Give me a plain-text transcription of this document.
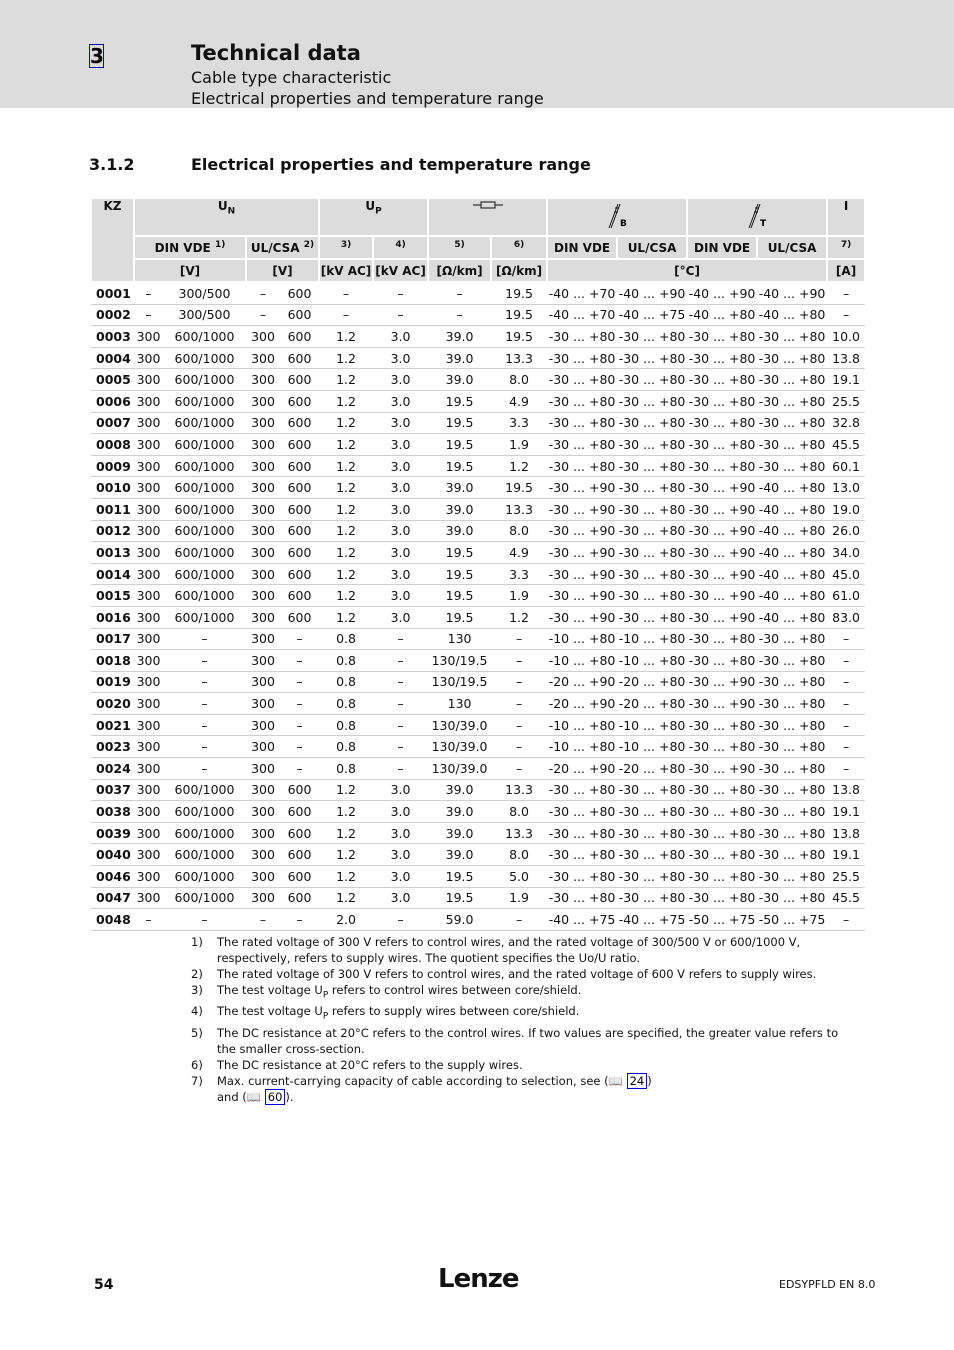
3	Technical data
Cable type characteristic
Electrical properties and temperature range
3.1.2	Electrical properties and temperature range
KZ	$U_N$				$U_P$				B		T		I
	DIN VDE $^{1)}$		UL/CSA $^{2)}$		$^{3)}$	$^{4)}$	$^{5)}$	$^{6)}$	DIN VDE	UL/CSA	DIN VDE	UL/CSA	$^{7)}$
	[V]		[V]		[kV AC]	[kV AC]	[Ω/km]	[Ω/km]	[°C]				[A]
0001	–	300/500	–	600	–	–	–	19.5	-40 ... +70	-40 ... +90	-40 ... +90	-40 ... +90	–
0002	–	300/500	–	600	–	–	–	19.5	-40 ... +70	-40 ... +75	-40 ... +80	-40 ... +80	–
0003	300	600/1000	300	600	1.2	3.0	39.0	19.5	-30 ... +80	-30 ... +80	-30 ... +80	-30 ... +80	10.0
0004	300	600/1000	300	600	1.2	3.0	39.0	13.3	-30 ... +80	-30 ... +80	-30 ... +80	-30 ... +80	13.8
0005	300	600/1000	300	600	1.2	3.0	39.0	8.0	-30 ... +80	-30 ... +80	-30 ... +80	-30 ... +80	19.1
0006	300	600/1000	300	600	1.2	3.0	19.5	4.9	-30 ... +80	-30 ... +80	-30 ... +80	-30 ... +80	25.5
0007	300	600/1000	300	600	1.2	3.0	19.5	3.3	-30 ... +80	-30 ... +80	-30 ... +80	-30 ... +80	32.8
0008	300	600/1000	300	600	1.2	3.0	19.5	1.9	-30 ... +80	-30 ... +80	-30 ... +80	-30 ... +80	45.5
0009	300	600/1000	300	600	1.2	3.0	19.5	1.2	-30 ... +80	-30 ... +80	-30 ... +80	-30 ... +80	60.1
0010	300	600/1000	300	600	1.2	3.0	39.0	19.5	-30 ... +90	-30 ... +80	-30 ... +90	-40 ... +80	13.0
0011	300	600/1000	300	600	1.2	3.0	39.0	13.3	-30 ... +90	-30 ... +80	-30 ... +90	-40 ... +80	19.0
0012	300	600/1000	300	600	1.2	3.0	39.0	8.0	-30 ... +90	-30 ... +80	-30 ... +90	-40 ... +80	26.0
0013	300	600/1000	300	600	1.2	3.0	19.5	4.9	-30 ... +90	-30 ... +80	-30 ... +90	-40 ... +80	34.0
0014	300	600/1000	300	600	1.2	3.0	19.5	3.3	-30 ... +90	-30 ... +80	-30 ... +90	-40 ... +80	45.0
0015	300	600/1000	300	600	1.2	3.0	19.5	1.9	-30 ... +90	-30 ... +80	-30 ... +90	-40 ... +80	61.0
0016	300	600/1000	300	600	1.2	3.0	19.5	1.2	-30 ... +90	-30 ... +80	-30 ... +90	-40 ... +80	83.0
0017	300	–	300	–	0.8	–	130	–	-10 ... +80	-10 ... +80	-30 ... +80	-30 ... +80	–
0018	300	–	300	–	0.8	–	130/19.5	–	-10 ... +80	-10 ... +80	-30 ... +80	-30 ... +80	–
0019	300	–	300	–	0.8	–	130/19.5	–	-20 ... +90	-20 ... +80	-30 ... +90	-30 ... +80	–
0020	300	–	300	–	0.8	–	130	–	-20 ... +90	-20 ... +80	-30 ... +90	-30 ... +80	–
0021	300	–	300	–	0.8	–	130/39.0	–	-10 ... +80	-10 ... +80	-30 ... +80	-30 ... +80	–
0023	300	–	300	–	0.8	–	130/39.0	–	-10 ... +80	-10 ... +80	-30 ... +80	-30 ... +80	–
0024	300	–	300	–	0.8	–	130/39.0	–	-20 ... +90	-20 ... +80	-30 ... +90	-30 ... +80	–
0037	300	600/1000	300	600	1.2	3.0	39.0	13.3	-30 ... +80	-30 ... +80	-30 ... +80	-30 ... +80	13.8
0038	300	600/1000	300	600	1.2	3.0	39.0	8.0	-30 ... +80	-30 ... +80	-30 ... +80	-30 ... +80	19.1
0039	300	600/1000	300	600	1.2	3.0	39.0	13.3	-30 ... +80	-30 ... +80	-30 ... +80	-30 ... +80	13.8
0040	300	600/1000	300	600	1.2	3.0	39.0	8.0	-30 ... +80	-30 ... +80	-30 ... +80	-30 ... +80	19.1
0046	300	600/1000	300	600	1.2	3.0	19.5	5.0	-30 ... +80	-30 ... +80	-30 ... +80	-30 ... +80	25.5
0047	300	600/1000	300	600	1.2	3.0	19.5	1.9	-30 ... +80	-30 ... +80	-30 ... +80	-30 ... +80	45.5
0048	–	–	–	–	2.0	–	59.0	–	-40 ... +75	-40 ... +75	-50 ... +75	-50 ... +75	–
1)	The rated voltage of 300 V refers to control wires, and the rated voltage of 300/500 V or 600/1000 V, respectively, refers to supply wires. The quotient specifies the Uo/U ratio.
2)	The rated voltage of 300 V refers to control wires, and the rated voltage of 600 V refers to supply wires.
3)	The test voltage $U_P$ refers to control wires between core/shield.
4)	The test voltage $U_P$ refers to supply wires between core/shield.
5)	The DC resistance at 20°C refers to the control wires. If two values are specified, the greater value refers to the smaller cross-section.
6)	The DC resistance at 20°C refers to the supply wires.
7)	Max. current-carrying capacity of cable according to selection, see (📖 24 )
and (📖 60 ).
54	Lenze	EDSYPFLD EN 8.0
